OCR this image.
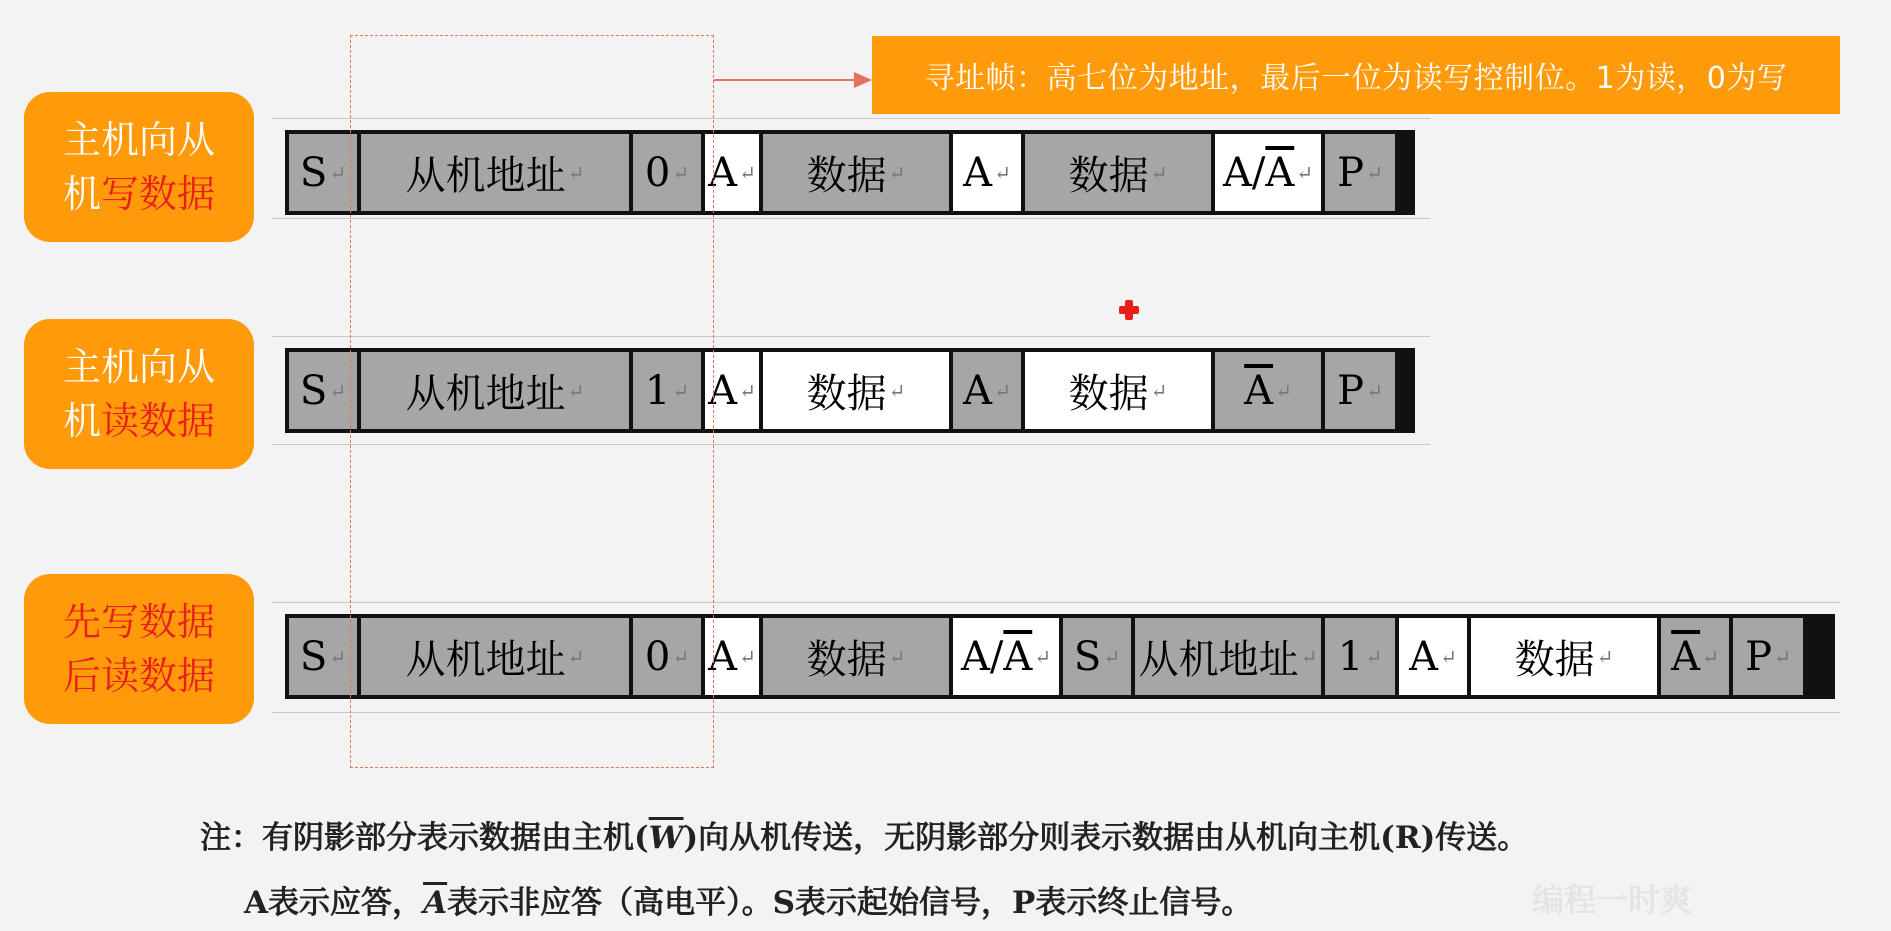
主机向从
机写数据
主机向从
机读数据
先写数据
后读数据
S ↵ 从机地址 ↵ 0 ↵ A ↵ 数据 ↵ A ↵ 数据 ↵ A/ $\overline{A}$ ↵ P ↵
S ↵ 从机地址 ↵ 1 ↵ A ↵ 数据 ↵ A ↵ 数据 ↵ $\overline{A}$ ↵ P ↵
S ↵ 从机地址 ↵ 0 ↵ A ↵ 数据 ↵ A/ $\overline{A}$ ↵ S ↵ 从机地址 ↵ 1 ↵ A ↵ 数据 ↵ $\overline{A}$ ↵ P ↵
寻址帧：高七位为地址，最后一位为读写控制位。1为读，0为写
注：有阴影部分表示数据由主机$(\overline{W})$向从机传送，无阴影部分则表示数据由从机向主机(R)传送。
A表示应答，$\overline{A}$表示非应答（高电平）。S表示起始信号，P表示终止信号。	编程一时爽
